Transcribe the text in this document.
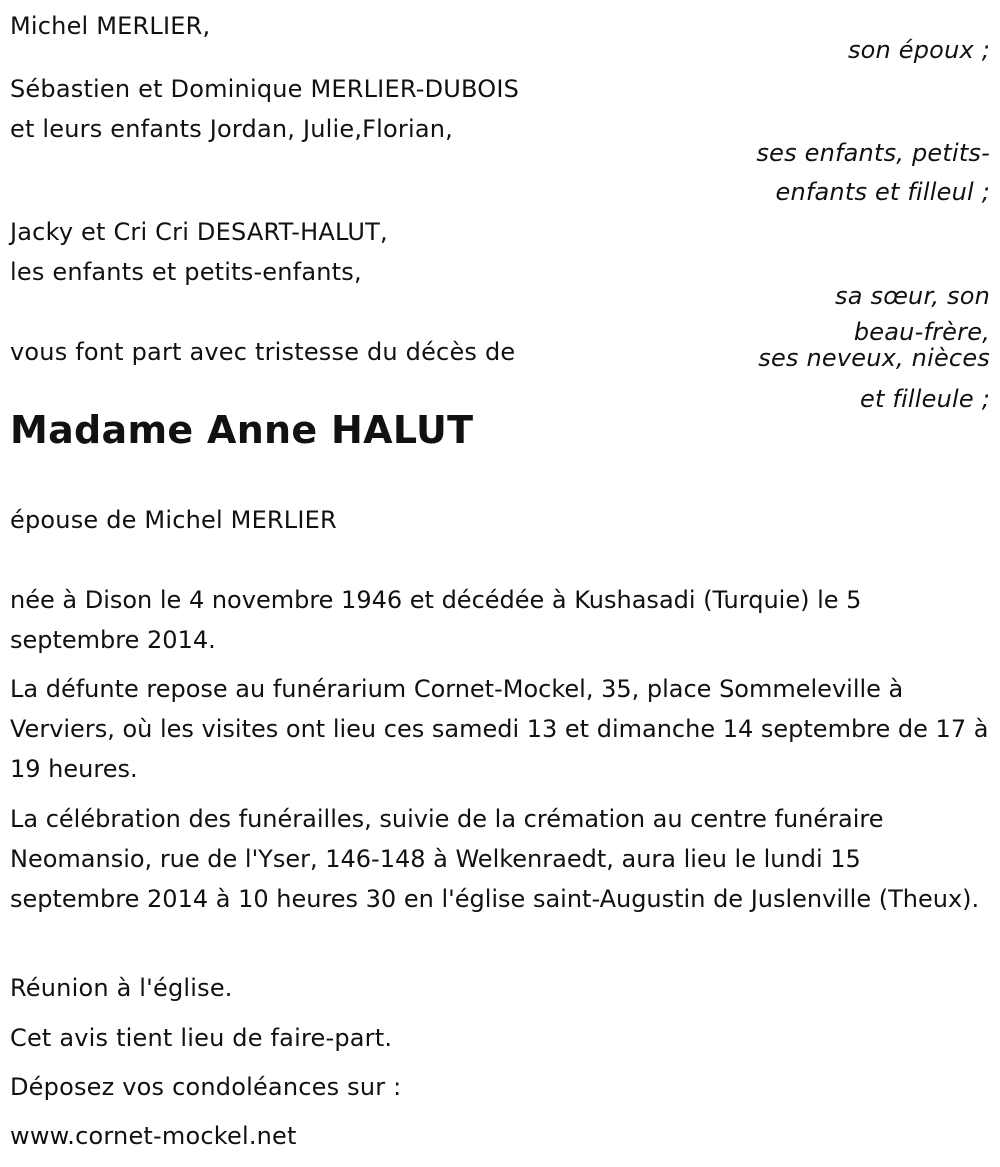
Michel MERLIER,
son époux ;
Sébastien et Dominique MERLIER-DUBOIS
et leurs enfants Jordan, Julie,Florian,
ses enfants, petits-
enfants et filleul ;
Jacky et Cri Cri DESART-HALUT,
les enfants et petits-enfants,
sa sœur, son
beau-frère,
ses neveux, nièces
et filleule ;
vous font part avec tristesse du décès de
Madame Anne HALUT
épouse de Michel MERLIER
née à Dison le 4 novembre 1946 et décédée à Kushasadi (Turquie) le 5 septembre 2014.
La défunte repose au funérarium Cornet-Mockel, 35, place Sommeleville à Verviers, où les visites ont lieu ces samedi 13 et dimanche 14 septembre de 17 à 19 heures.
La célébration des funérailles, suivie de la crémation au centre funéraire Neomansio, rue de l'Yser, 146-148 à Welkenraedt, aura lieu le lundi 15 septembre 2014 à 10 heures 30 en l'église saint-Augustin de Juslenville (Theux).
Réunion à l'église.
Cet avis tient lieu de faire-part.
Déposez vos condoléances sur :
www.cornet-mockel.net
